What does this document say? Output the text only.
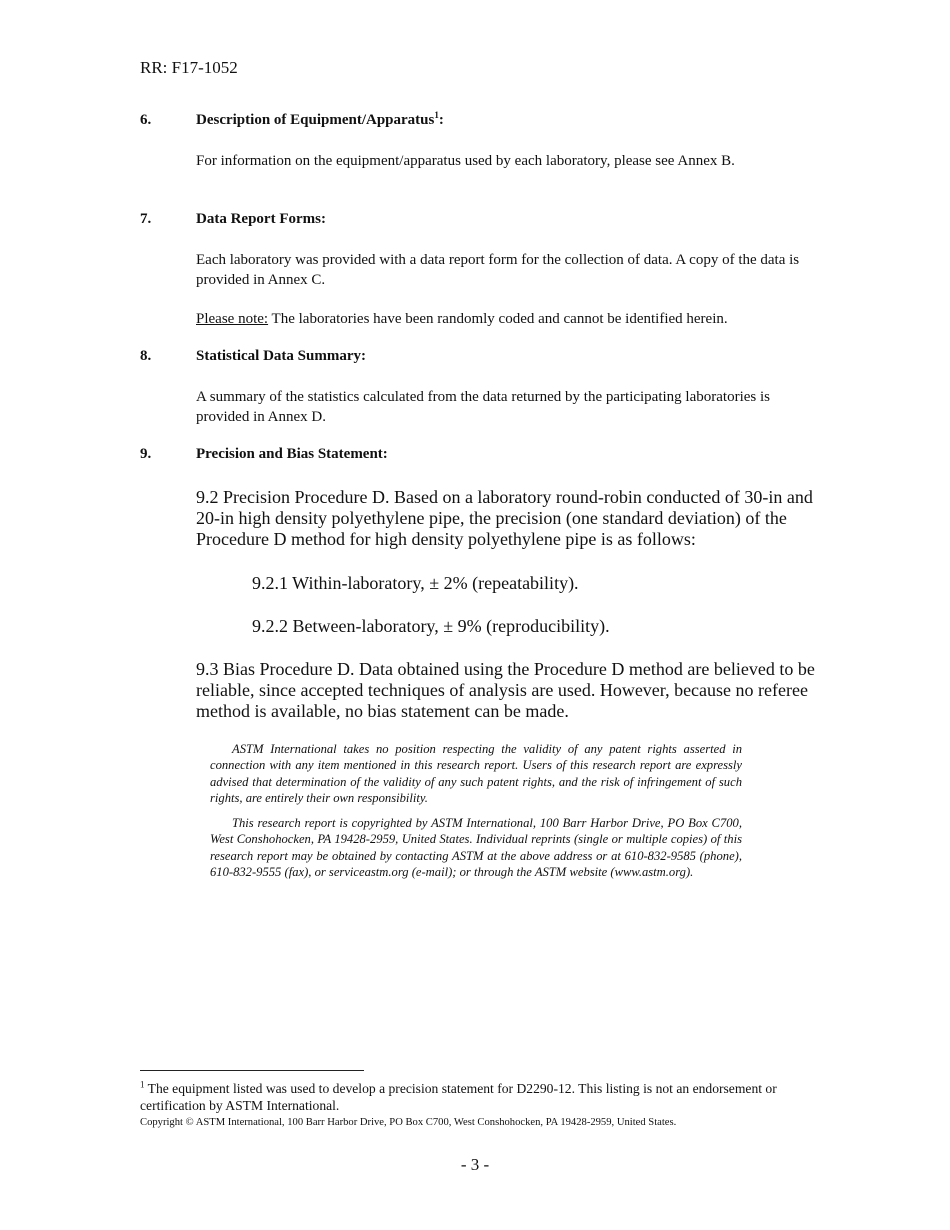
RR: F17-1052
6.	Description of Equipment/Apparatus$^1$:
For information on the equipment/apparatus used by each laboratory, please see Annex B.
7.	Data Report Forms:
Each laboratory was provided with a data report form for the collection of data. A copy of the data is provided in Annex C.
Please note: The laboratories have been randomly coded and cannot be identified herein.
8.	Statistical Data Summary:
A summary of the statistics calculated from the data returned by the participating laboratories is provided in Annex D.
9.	Precision and Bias Statement:
9.2 Precision Procedure D. Based on a laboratory round-robin conducted of 30-in and 20-in high density polyethylene pipe, the precision (one standard deviation) of the Procedure D method for high density polyethylene pipe is as follows:
9.2.1 Within-laboratory, ± 2% (repeatability).
9.2.2 Between-laboratory, ± 9% (reproducibility).
9.3 Bias Procedure D. Data obtained using the Procedure D method are believed to be reliable, since accepted techniques of analysis are used. However, because no referee method is available, no bias statement can be made.
ASTM International takes no position respecting the validity of any patent rights asserted in connection with any item mentioned in this research report. Users of this research report are expressly advised that determination of the validity of any such patent rights, and the risk of infringement of such rights, are entirely their own responsibility.
This research report is copyrighted by ASTM International, 100 Barr Harbor Drive, PO Box C700, West Conshohocken, PA 19428-2959, United States. Individual reprints (single or multiple copies) of this research report may be obtained by contacting ASTM at the above address or at 610-832-9585 (phone), 610-832-9555 (fax), or serviceastm.org (e-mail); or through the ASTM website (www.astm.org).
$^1$ The equipment listed was used to develop a precision statement for D2290-12. This listing is not an endorsement or certification by ASTM International.
Copyright © ASTM International, 100 Barr Harbor Drive, PO Box C700, West Conshohocken, PA 19428-2959, United States.
- 3 -
